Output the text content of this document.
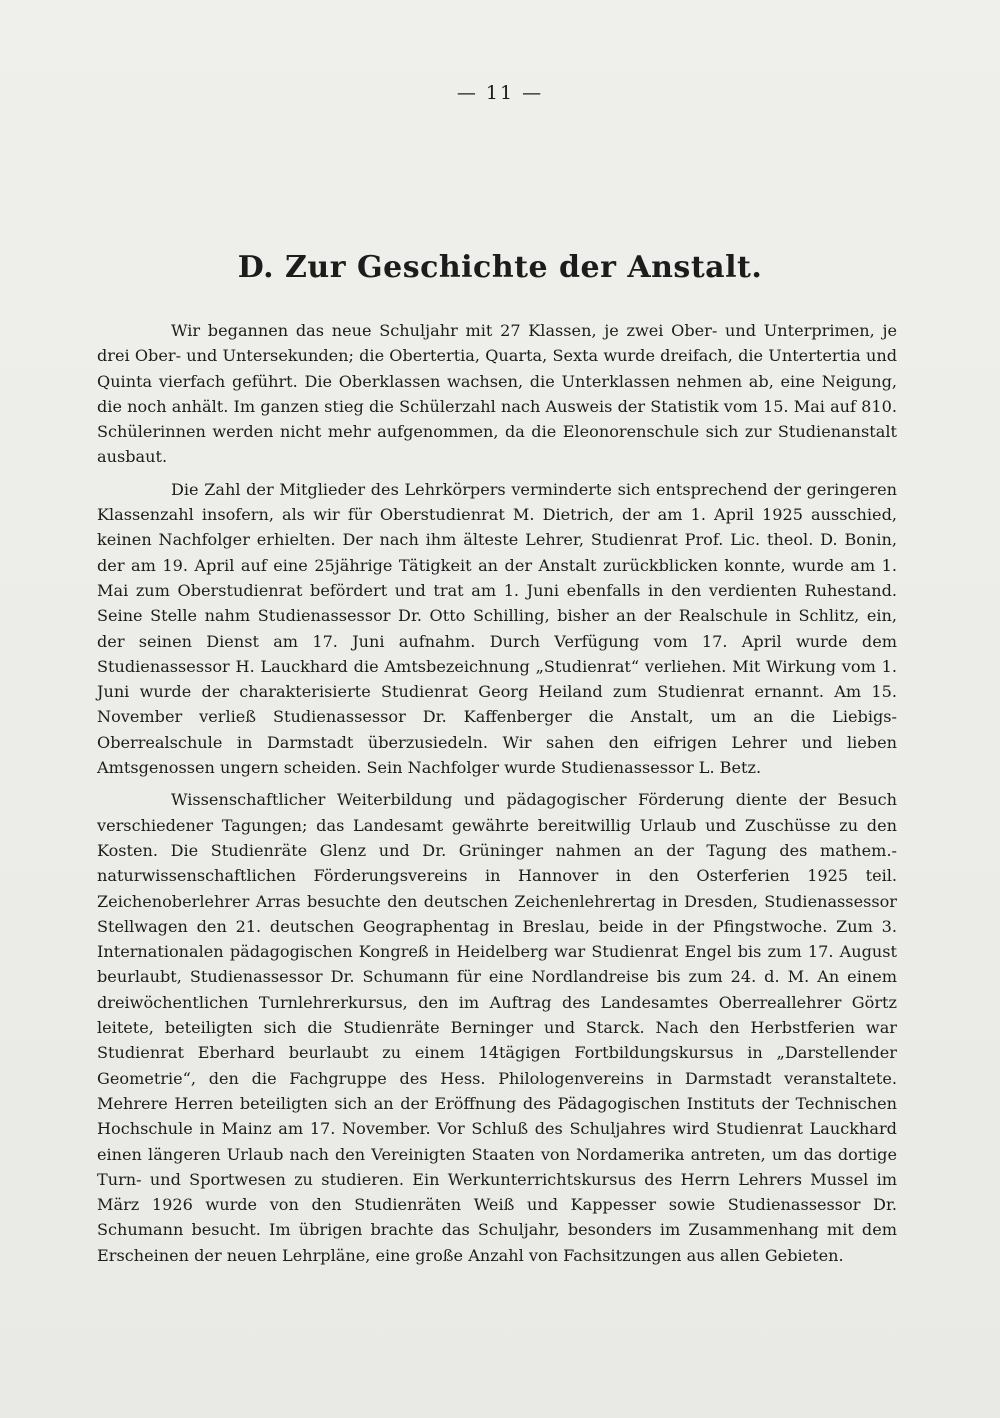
— 11 —
D. Zur Geschichte der Anstalt.

Wir begannen das neue Schuljahr mit 27 Klassen, je zwei Ober- und Unterprimen, je drei Ober- und Untersekunden; die Obertertia, Quarta, Sexta wurde dreifach, die Untertertia und Quinta vierfach geführt. Die Oberklassen wachsen, die Unterklassen nehmen ab, eine Neigung, die noch anhält. Im ganzen stieg die Schülerzahl nach Ausweis der Statistik vom 15. Mai auf 810. Schülerinnen werden nicht mehr aufgenommen, da die Eleonorenschule sich zur Studienanstalt ausbaut.

Die Zahl der Mitglieder des Lehrkörpers verminderte sich entsprechend der geringeren Klassenzahl insofern, als wir für Oberstudienrat M. Dietrich, der am 1. April 1925 ausschied, keinen Nachfolger erhielten. Der nach ihm älteste Lehrer, Studienrat Prof. Lic. theol. D. Bonin, der am 19. April auf eine 25jährige Tätigkeit an der Anstalt zurückblicken konnte, wurde am 1. Mai zum Oberstudienrat befördert und trat am 1. Juni ebenfalls in den verdienten Ruhestand. Seine Stelle nahm Studienassessor Dr. Otto Schilling, bisher an der Realschule in Schlitz, ein, der seinen Dienst am 17. Juni aufnahm. Durch Verfügung vom 17. April wurde dem Studienassessor H. Lauckhard die Amtsbezeichnung „Studienrat“ verliehen. Mit Wirkung vom 1. Juni wurde der charakterisierte Studienrat Georg Heiland zum Studienrat ernannt. Am 15. November verließ Studienassessor Dr. Kaffenberger die Anstalt, um an die Liebigs-Oberrealschule in Darmstadt überzusiedeln. Wir sahen den eifrigen Lehrer und lieben Amtsgenossen ungern scheiden. Sein Nachfolger wurde Studienassessor L. Betz.

Wissenschaftlicher Weiterbildung und pädagogischer Förderung diente der Besuch verschiedener Tagungen; das Landesamt gewährte bereitwillig Urlaub und Zuschüsse zu den Kosten. Die Studienräte Glenz und Dr. Grüninger nahmen an der Tagung des mathem.-naturwissenschaftlichen Förderungsvereins in Hannover in den Osterferien 1925 teil. Zeichenoberlehrer Arras besuchte den deutschen Zeichenlehrertag in Dresden, Studienassessor Stellwagen den 21. deutschen Geographentag in Breslau, beide in der Pfingstwoche. Zum 3. Internationalen pädagogischen Kongreß in Heidelberg war Studienrat Engel bis zum 17. August beurlaubt, Studienassessor Dr. Schumann für eine Nordlandreise bis zum 24. d. M. An einem dreiwöchentlichen Turnlehrerkursus, den im Auftrag des Landesamtes Oberreallehrer Görtz leitete, beteiligten sich die Studienräte Berninger und Starck. Nach den Herbstferien war Studienrat Eberhard beurlaubt zu einem 14tägigen Fortbildungskursus in „Darstellender Geometrie“, den die Fachgruppe des Hess. Philologenvereins in Darmstadt veranstaltete. Mehrere Herren beteiligten sich an der Eröffnung des Pädagogischen Instituts der Technischen Hochschule in Mainz am 17. November. Vor Schluß des Schuljahres wird Studienrat Lauckhard einen längeren Urlaub nach den Vereinigten Staaten von Nordamerika antreten, um das dortige Turn- und Sportwesen zu studieren. Ein Werkunterrichtskursus des Herrn Lehrers Mussel im März 1926 wurde von den Studienräten Weiß und Kappesser sowie Studienassessor Dr. Schumann besucht. Im übrigen brachte das Schuljahr, besonders im Zusammenhang mit dem Erscheinen der neuen Lehrpläne, eine große Anzahl von Fachsitzungen aus allen Gebieten.
